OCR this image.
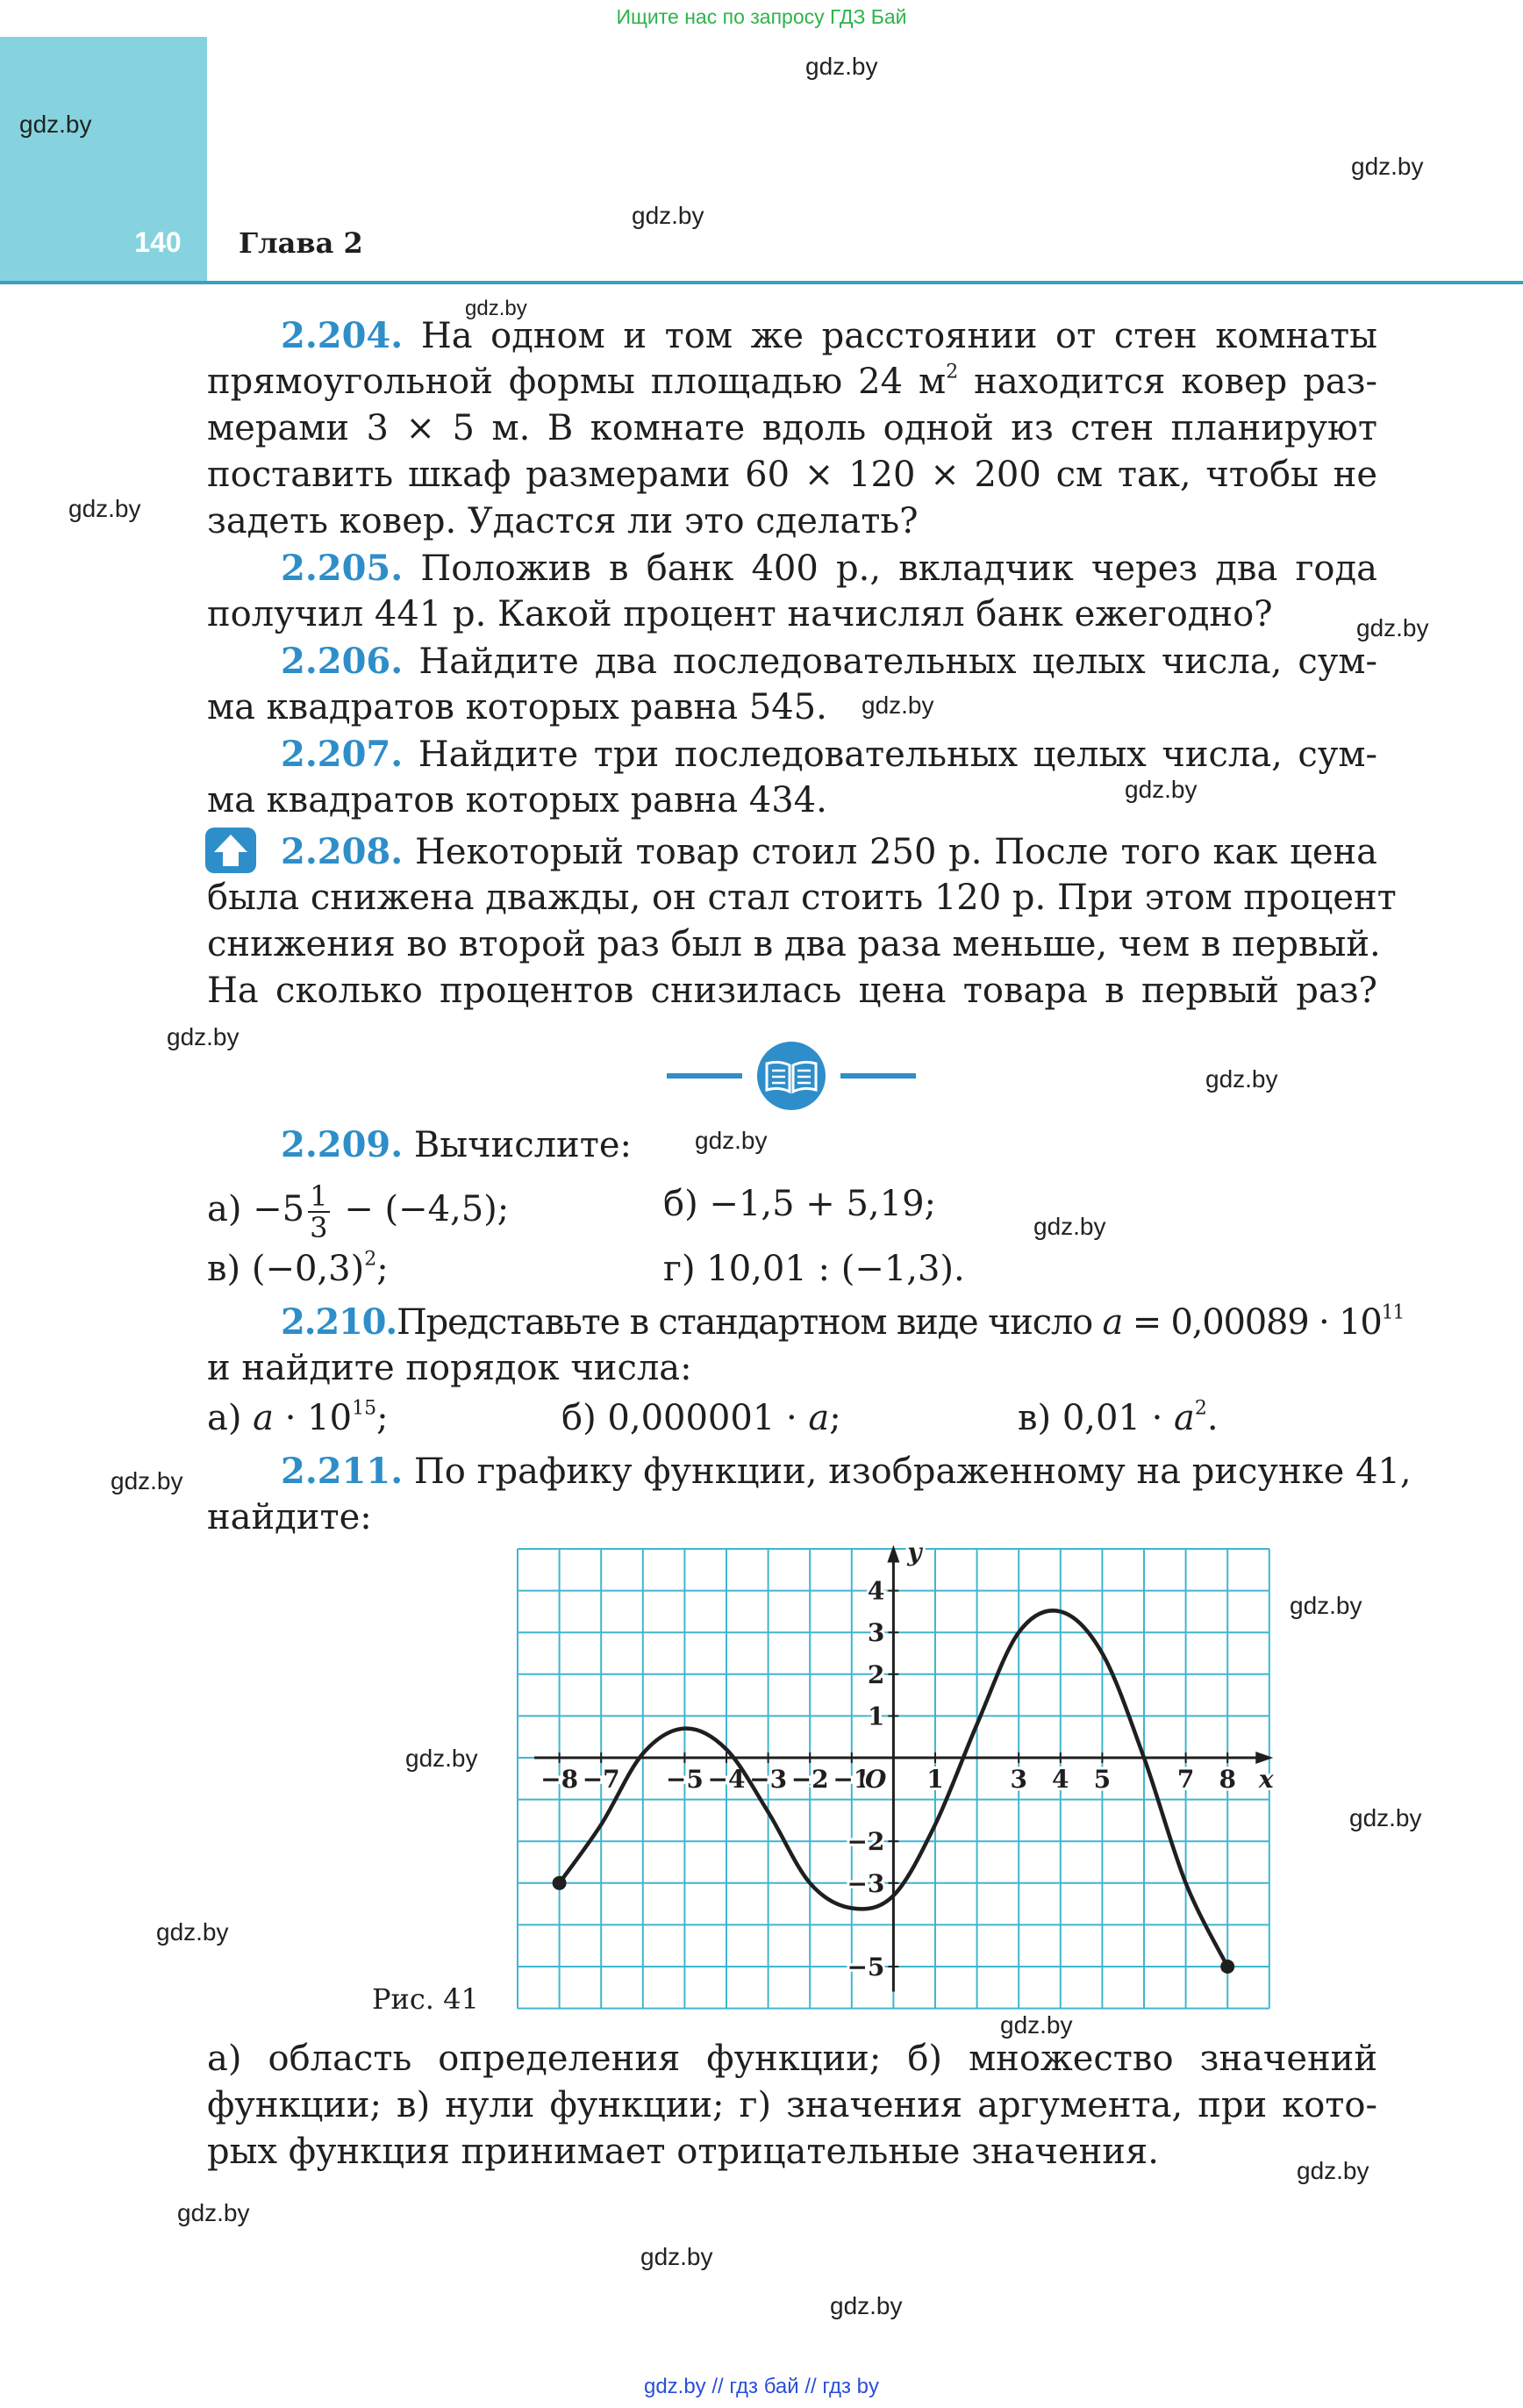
Ищите нас по запросу ГДЗ Бай
140	Глава 2
gdz.by
gdz.by
gdz.by
gdz.by
gdz.by
gdz.by
gdz.by
gdz.by
gdz.by
gdz.by
gdz.by
gdz.by
gdz.by
gdz.by
gdz.by
gdz.by
gdz.by
gdz.by
gdz.by
gdz.by
gdz.by
gdz.by
gdz.by
2.204. На одном и том же расстоянии от стен комнаты
прямоугольной формы площадью 24 $м^2$ находится ковер раз-
мерами 3 × 5 м. В комнате вдоль одной из стен планируют
поставить шкаф размерами 60 × 120 × 200 см так, чтобы не
задеть ковер. Удастся ли это сделать?
2.205. Положив в банк 400 р., вкладчик через два года
получил 441 р. Какой процент начислял банк ежегодно?
2.206. Найдите два последовательных целых числа, сум-
ма квадратов которых равна 545.
2.207. Найдите три последовательных целых числа, сум-
ма квадратов которых равна 434.
2.208. Некоторый товар стоил 250 р. После того как цена
была снижена дважды, он стал стоить 120 р. При этом процент
снижения во второй раз был в два раза меньше, чем в первый.
На сколько процентов снизилась цена товара в первый раз?
2.209. Вычислите:
$а) -5 \frac{1}{3} - (-4,5)$;	б) −1,5 + 5,19;
в) $(-0,3)^2$;	г) 10,01 : (−1,3).
2.210.Представьте в стандартном виде число $a = 0,00089 \cdot 10^{11}$
и найдите порядок числа:
а) $a \cdot 10^{15}$;	б) 0,000001 · a;	в) $0,01 \cdot a^2$.
2.211. По графику функции, изображенному на рисунке 41,
найдите:
−8 −7 −5 −4 −3 −2 −1 1	3 4 5	7 8
4
3
2
1
−2
−3
−5
O	x
y
Рис. 41
а) область определения функции; б) множество значений
функции; в) нули функции; г) значения аргумента, при кото-
рых функция принимает отрицательные значения.
gdz.by // гдз бай // гдз by
